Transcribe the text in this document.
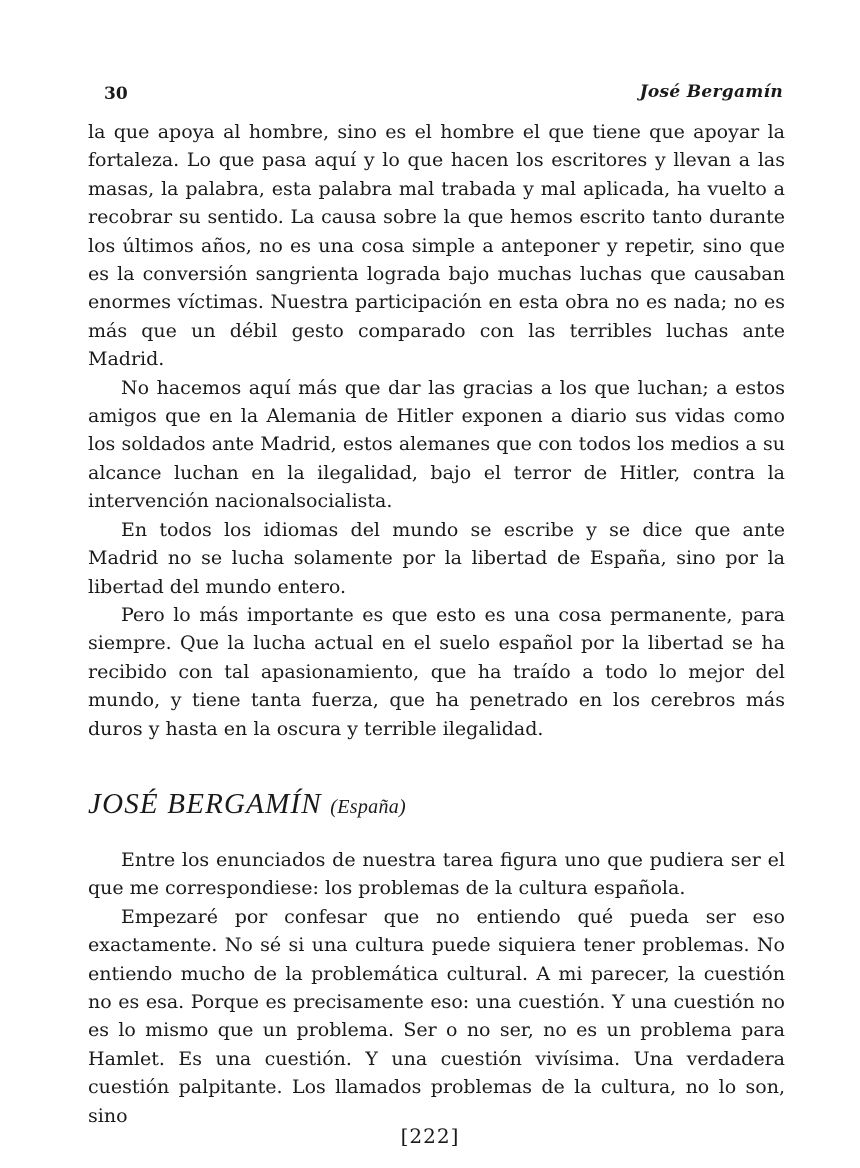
30	José Bergamín

la que apoya al hombre, sino es el hombre el que tiene que apoyar la fortaleza. Lo que pasa aquí y lo que hacen los escritores y llevan a las masas, la palabra, esta palabra mal trabada y mal aplicada, ha vuelto a recobrar su sentido. La causa sobre la que hemos escrito tanto durante los últimos años, no es una cosa simple a anteponer y repetir, sino que es la conversión sangrienta lograda bajo muchas luchas que causaban enormes víctimas. Nuestra participación en esta obra no es nada; no es más que un débil gesto comparado con las terribles luchas ante Madrid.

No hacemos aquí más que dar las gracias a los que luchan; a estos amigos que en la Alemania de Hitler exponen a diario sus vidas como los soldados ante Madrid, estos alemanes que con todos los medios a su alcance luchan en la ilegalidad, bajo el terror de Hitler, contra la intervención nacionalsocialista.

En todos los idiomas del mundo se escribe y se dice que ante Madrid no se lucha solamente por la libertad de España, sino por la libertad del mundo entero.

Pero lo más importante es que esto es una cosa permanente, para siempre. Que la lucha actual en el suelo español por la libertad se ha recibido con tal apasionamiento, que ha traído a todo lo mejor del mundo, y tiene tanta fuerza, que ha penetrado en los cerebros más duros y hasta en la oscura y terrible ilegalidad.

JOSÉ BERGAMÍN (España)

Entre los enunciados de nuestra tarea figura uno que pudiera ser el que me correspondiese: los problemas de la cultura española.

Empezaré por confesar que no entiendo qué pueda ser eso exactamente. No sé si una cultura puede siquiera tener problemas. No entiendo mucho de la problemática cultural. A mi parecer, la cuestión no es esa. Porque es precisamente eso: una cuestión. Y una cuestión no es lo mismo que un problema. Ser o no ser, no es un problema para Hamlet. Es una cuestión. Y una cuestión vivísima. Una verdadera cuestión palpitante. Los llamados problemas de la cultura, no lo son, sino

[222]
